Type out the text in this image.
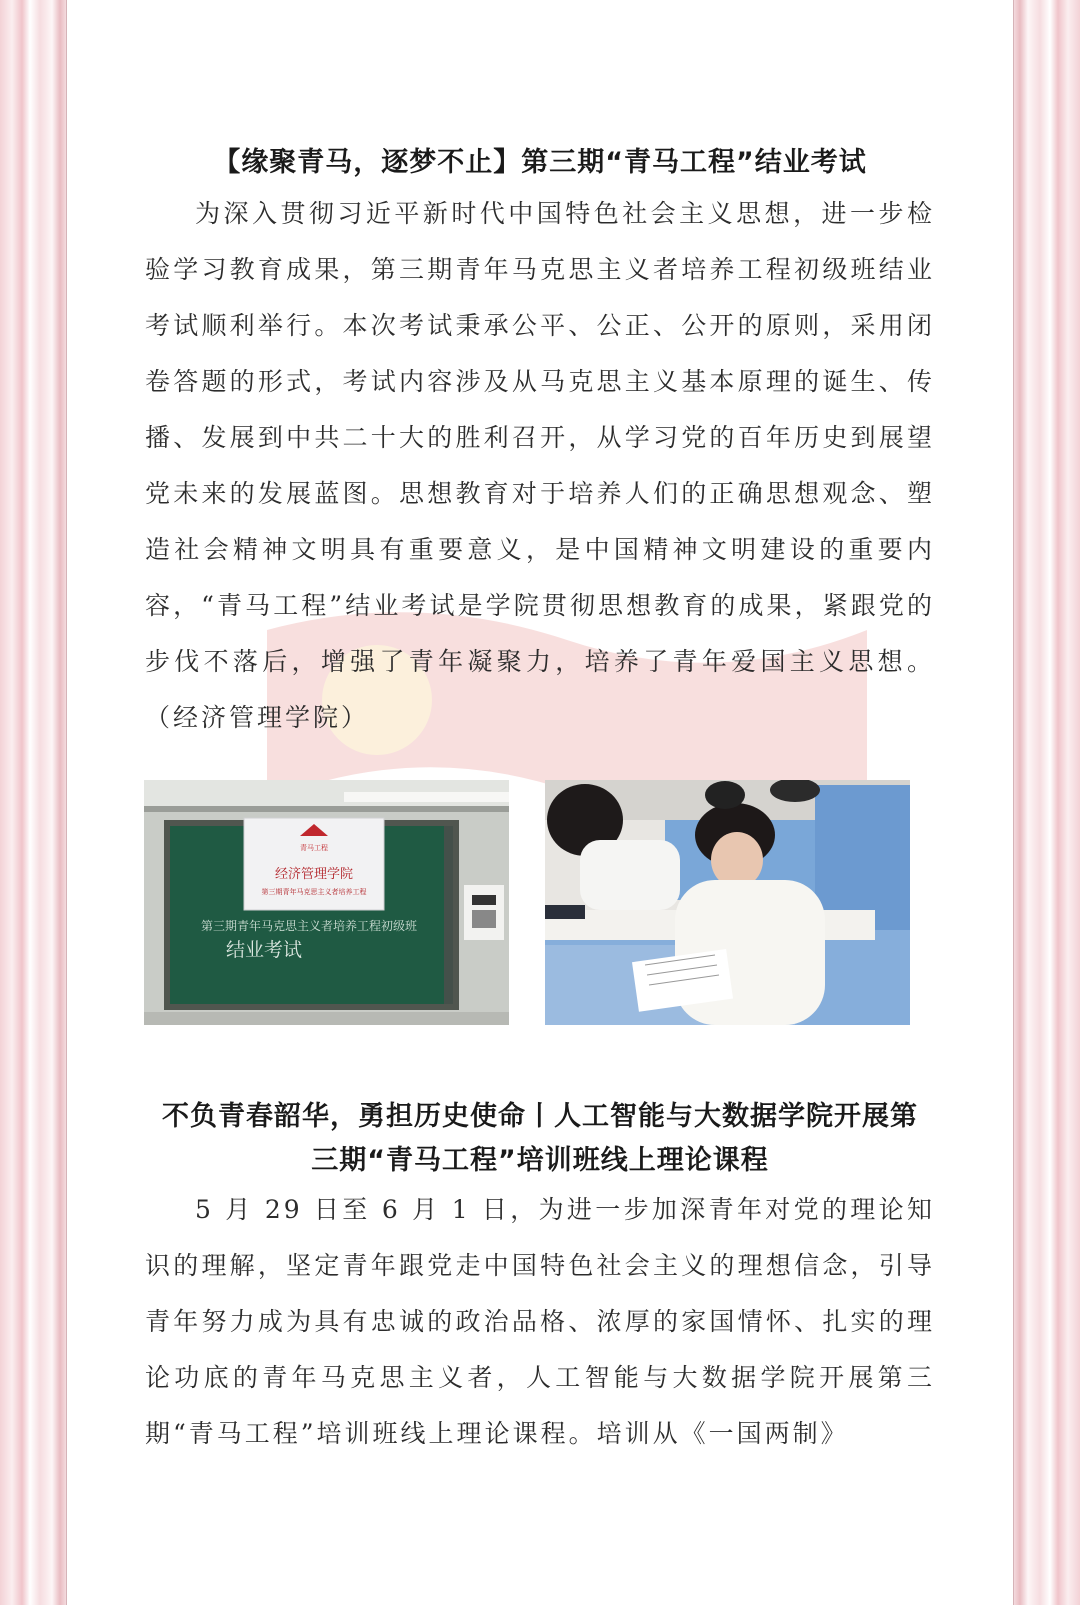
【缘聚青马，逐梦不止】第三期“青马工程”结业考试

为深入贯彻习近平新时代中国特色社会主义思想，进一步检验学习教育成果，第三期青年马克思主义者培养工程初级班结业考试顺利举行。本次考试秉承公平、公正、公开的原则，采用闭卷答题的形式，考试内容涉及从马克思主义基本原理的诞生、传播、发展到中共二十大的胜利召开，从学习党的百年历史到展望党未来的发展蓝图。思想教育对于培养人们的正确思想观念、塑造社会精神文明具有重要意义，是中国精神文明建设的重要内容，“青马工程”结业考试是学院贯彻思想教育的成果，紧跟党的步伐不落后，增强了青年凝聚力，培养了青年爱国主义思想。（经济管理学院）

青马工程
经济管理学院
第三期青年马克思主义者培养工程
第三期青年马克思主义者培养工程初级班
结业考试
不负青春韶华，勇担历史使命丨人工智能与大数据学院开展第
三期“青马工程”培训班线上理论课程

5 月 29 日至 6 月 1 日，为进一步加深青年对党的理论知识的理解，坚定青年跟党走中国特色社会主义的理想信念，引导青年努力成为具有忠诚的政治品格、浓厚的家国情怀、扎实的理论功底的青年马克思主义者，人工智能与大数据学院开展第三期“青马工程”培训班线上理论课程。培训从《一国两制》
